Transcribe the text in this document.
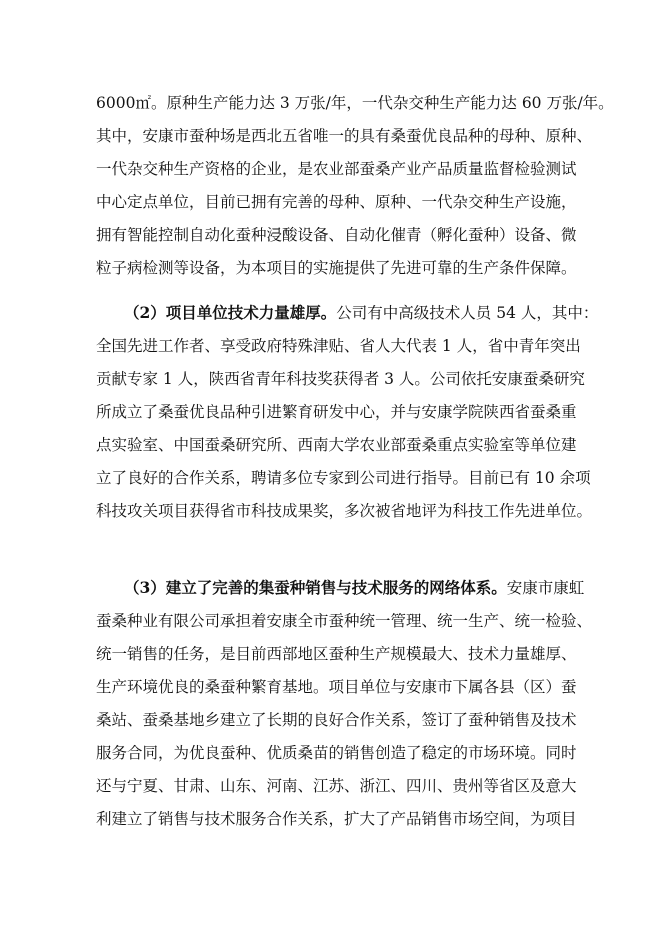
6000㎡。原种生产能力达 3 万张/年，一代杂交种生产能力达 60 万张/年。
其中，安康市蚕种场是西北五省唯一的具有桑蚕优良品种的母种、原种、
一代杂交种生产资格的企业，是农业部蚕桑产业产品质量监督检验测试
中心定点单位，目前已拥有完善的母种、原种、一代杂交种生产设施，
拥有智能控制自动化蚕种浸酸设备、自动化催青（孵化蚕种）设备、微
粒子病检测等设备，为本项目的实施提供了先进可靠的生产条件保障。
（2）项目单位技术力量雄厚。公司有中高级技术人员 54 人，其中：
全国先进工作者、享受政府特殊津贴、省人大代表 1 人，省中青年突出
贡献专家 1 人，陕西省青年科技奖获得者 3 人。公司依托安康蚕桑研究
所成立了桑蚕优良品种引进繁育研发中心，并与安康学院陕西省蚕桑重
点实验室、中国蚕桑研究所、西南大学农业部蚕桑重点实验室等单位建
立了良好的合作关系，聘请多位专家到公司进行指导。目前已有 10 余项
科技攻关项目获得省市科技成果奖，多次被省地评为科技工作先进单位。
（3）建立了完善的集蚕种销售与技术服务的网络体系。安康市康虹
蚕桑种业有限公司承担着安康全市蚕种统一管理、统一生产、统一检验、
统一销售的任务，是目前西部地区蚕种生产规模最大、技术力量雄厚、
生产环境优良的桑蚕种繁育基地。项目单位与安康市下属各县（区）蚕
桑站、蚕桑基地乡建立了长期的良好合作关系，签订了蚕种销售及技术
服务合同，为优良蚕种、优质桑苗的销售创造了稳定的市场环境。同时
还与宁夏、甘肃、山东、河南、江苏、浙江、四川、贵州等省区及意大
利建立了销售与技术服务合作关系，扩大了产品销售市场空间，为项目
